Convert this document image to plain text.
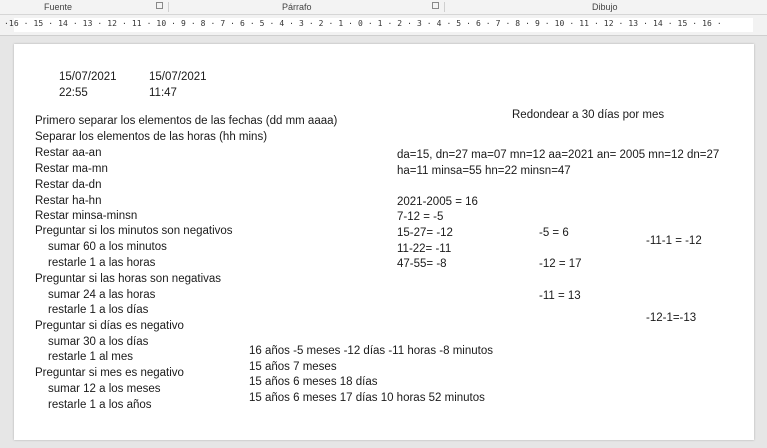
Fuente	Párrafo	Dibujo
·16 · 15 · 14 · 13 · 12 · 11 · 10 · 9 · 8 · 7 · 6 · 5 · 4 · 3 · 2 · 1 · 0 · 1 · 2 · 3 · 4 · 5 · 6 · 7 · 8 · 9 · 10 · 11 · 12 · 13 · 14 · 15 · 16 ·
15/07/2021
22:55
15/07/2021
11:47
Primero separar los elementos de las fechas (dd mm aaaa)
Separar los elementos de las horas (hh mins)
Restar aa-an
Restar ma-mn
Restar da-dn
Restar ha-hn
Restar minsa-minsn
Preguntar si los minutos son negativos
sumar 60 a los minutos
restarle 1 a las horas
Preguntar si las horas son negativas
sumar 24 a las horas
restarle 1 a los días
Preguntar si días es negativo
sumar 30 a los días
restarle 1 al mes
Preguntar si mes es negativo
sumar 12 a los meses
restarle 1 a los años
Redondear a 30 días por mes
da=15, dn=27 ma=07 mn=12 aa=2021 an= 2005 mn=12 dn=27
ha=11 minsa=55 hn=22 minsn=47
2021-2005 = 16
7-12 = -5
15-27= -12
11-22= -11
47-55= -8
-5 = 6
-12 = 17
-11 = 13
-11-1 = -12
-12-1=-13
16 años -5 meses -12 días -11 horas -8 minutos
15 años 7 meses
15 años 6 meses 18 días
15 años 6 meses 17 días 10 horas 52 minutos
